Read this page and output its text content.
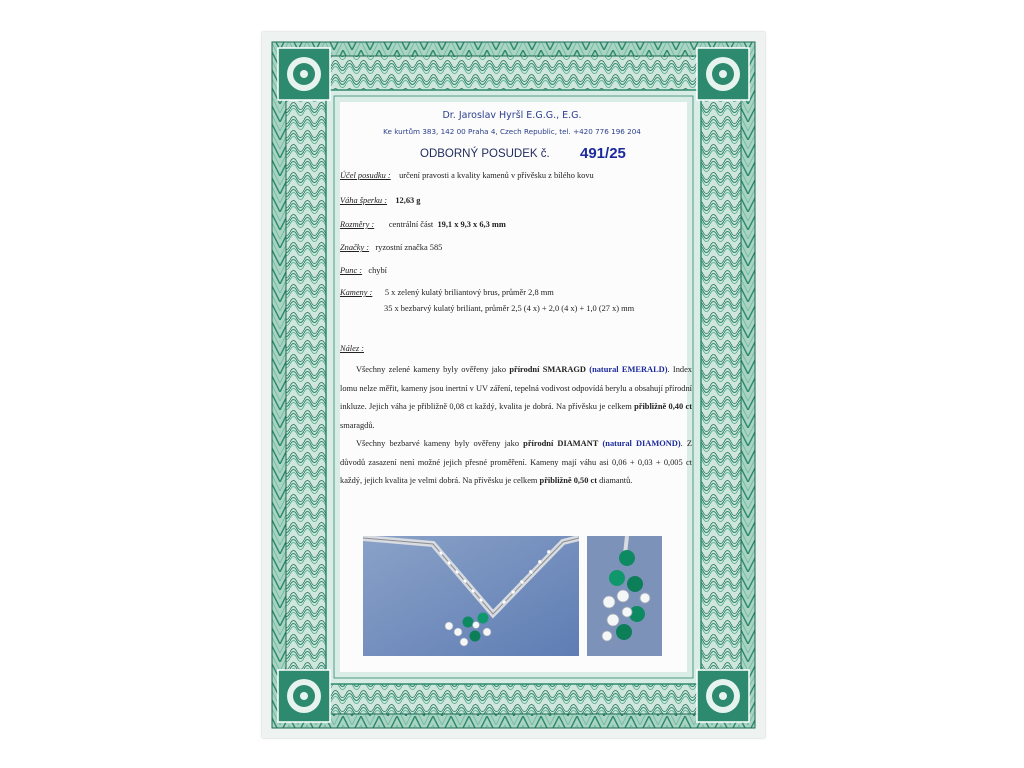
Dr. Jaroslav Hyršl E.G.G., E.G.
Ke kurtům 383, 142 00 Praha 4, Czech Republic, tel. +420 776 196 204
ODBORNÝ POSUDEK č. 491/25
Účel posudku : určení pravosti a kvality kamenů v přívěsku z bílého kovu
Váha šperku : 12,63 g
Rozměry : centrální část 19,1 x 9,3 x 6,3 mm
Značky : ryzostní značka 585
Punc : chybí
Kameny : 5 x zelený kulatý briliantový brus, průměr 2,8 mm
35 x bezbarvý kulatý briliant, průměr 2,5 (4 x) + 2,0 (4 x) + 1,0 (27 x) mm
Nález :
Všechny zelené kameny byly ověřeny jako přírodní SMARAGD (natural EMERALD). Index lomu nelze měřit, kameny jsou inertní v UV záření, tepelná vodivost odpovídá berylu a obsahují přírodní inkluze. Jejich váha je přibližně 0,08 ct každý, kvalita je dobrá. Na přívěsku je celkem přibližně 0,40 ct smaragdů.
Všechny bezbarvé kameny byly ověřeny jako přírodní DIAMANT (natural DIAMOND). Z důvodů zasazení není možné jejich přesné proměření. Kameny mají váhu asi 0,06 + 0,03 + 0,005 ct každý, jejich kvalita je velmi dobrá. Na přívěsku je celkem přibližně 0,50 ct diamantů.
